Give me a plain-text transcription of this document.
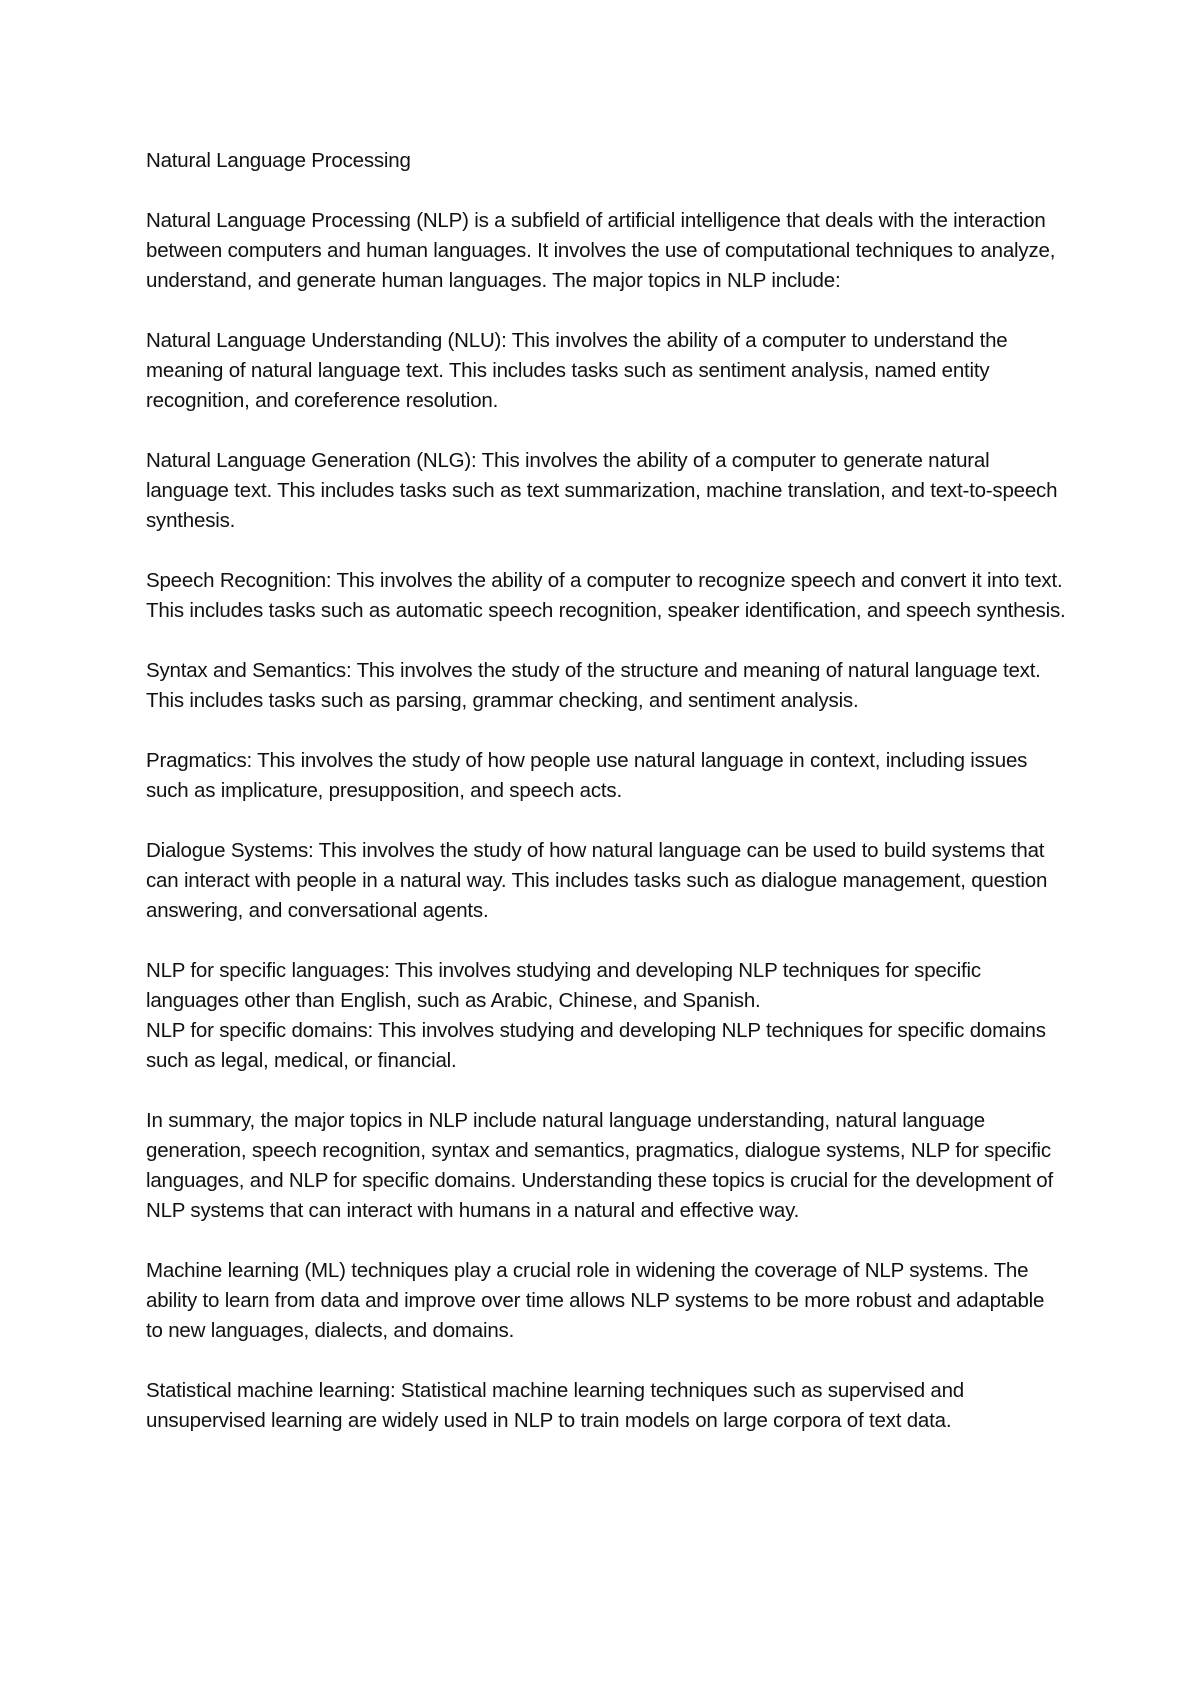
Natural Language Processing

Natural Language Processing (NLP) is a subfield of artificial intelligence that deals with the interaction between computers and human languages. It involves the use of computational techniques to analyze, understand, and generate human languages. The major topics in NLP include:

Natural Language Understanding (NLU): This involves the ability of a computer to understand the meaning of natural language text. This includes tasks such as sentiment analysis, named entity recognition, and coreference resolution.

Natural Language Generation (NLG): This involves the ability of a computer to generate natural language text. This includes tasks such as text summarization, machine translation, and text-to-speech synthesis.

Speech Recognition: This involves the ability of a computer to recognize speech and convert it into text. This includes tasks such as automatic speech recognition, speaker identification, and speech synthesis.

Syntax and Semantics: This involves the study of the structure and meaning of natural language text. This includes tasks such as parsing, grammar checking, and sentiment analysis.

Pragmatics: This involves the study of how people use natural language in context, including issues such as implicature, presupposition, and speech acts.

Dialogue Systems: This involves the study of how natural language can be used to build systems that can interact with people in a natural way. This includes tasks such as dialogue management, question answering, and conversational agents.

NLP for specific languages: This involves studying and developing NLP techniques for specific languages other than English, such as Arabic, Chinese, and Spanish.

NLP for specific domains: This involves studying and developing NLP techniques for specific domains such as legal, medical, or financial.

In summary, the major topics in NLP include natural language understanding, natural language generation, speech recognition, syntax and semantics, pragmatics, dialogue systems, NLP for specific languages, and NLP for specific domains. Understanding these topics is crucial for the development of NLP systems that can interact with humans in a natural and effective way.

Machine learning (ML) techniques play a crucial role in widening the coverage of NLP systems. The ability to learn from data and improve over time allows NLP systems to be more robust and adaptable to new languages, dialects, and domains.

Statistical machine learning: Statistical machine learning techniques such as supervised and unsupervised learning are widely used in NLP to train models on large corpora of text data.
